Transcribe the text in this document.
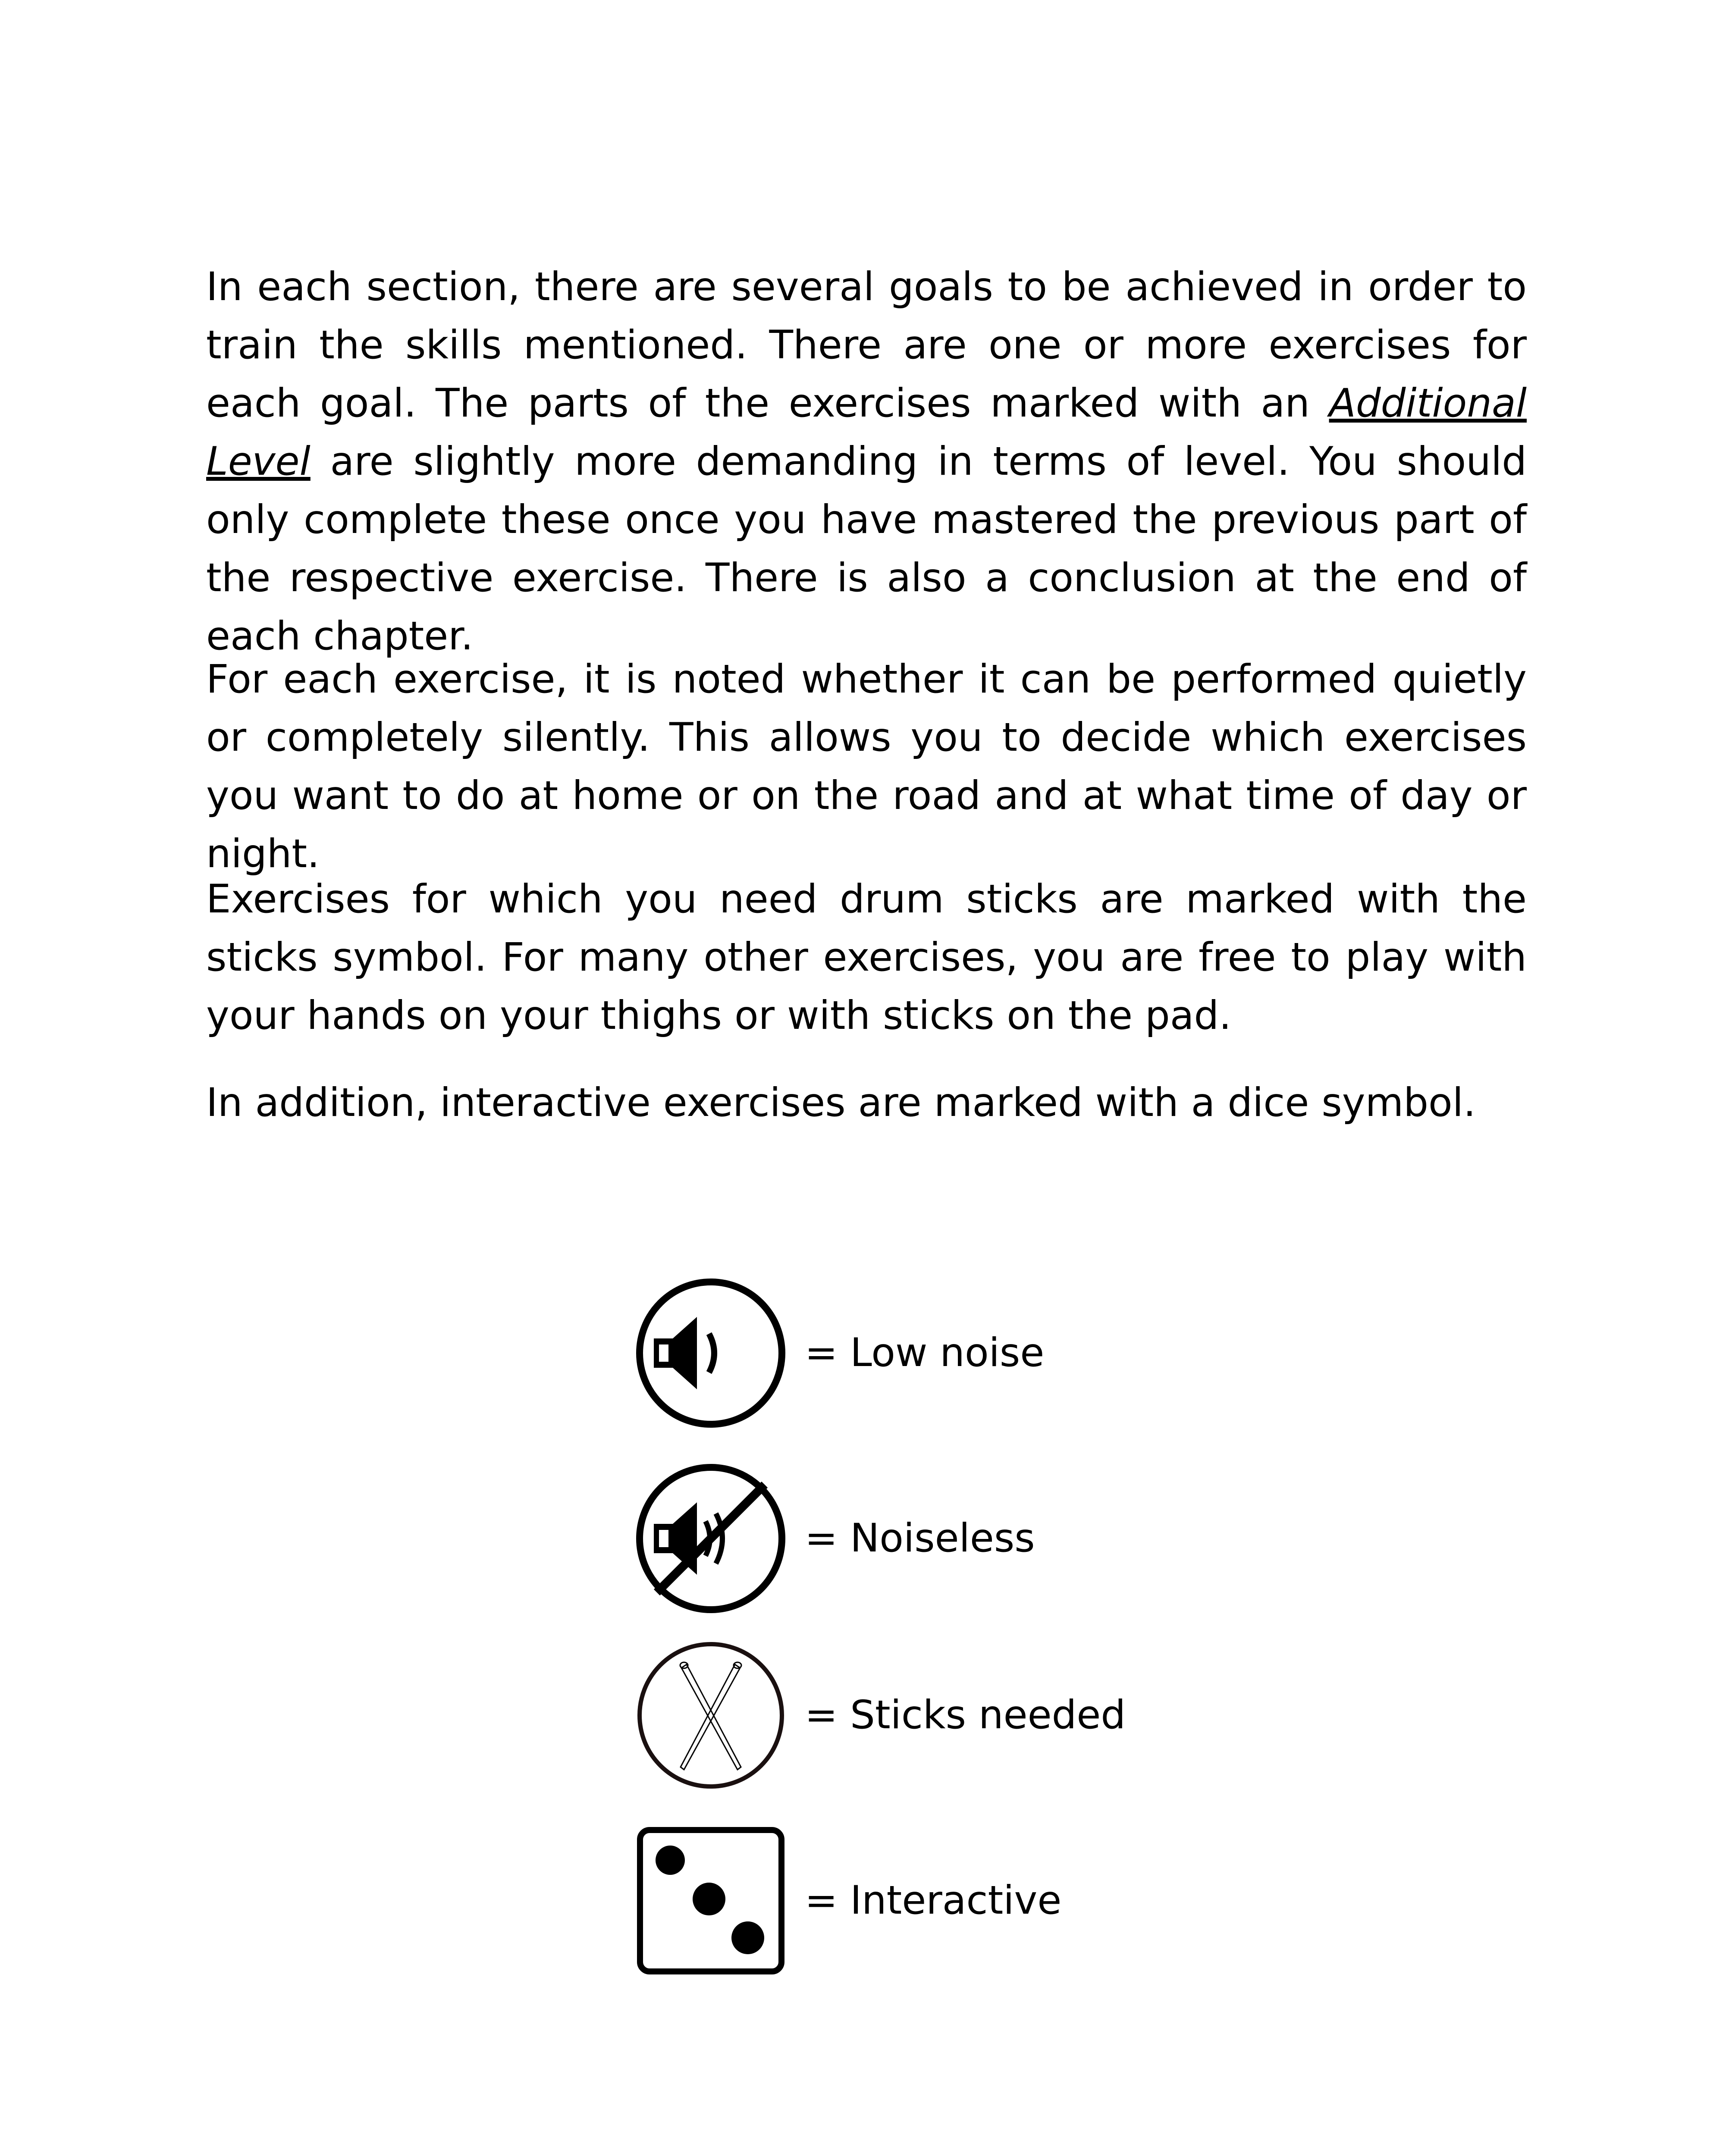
In each section, there are several goals to be achieved in order to train the skills mentioned. There are one or more exercises for each goal. The parts of the exercises marked with an Additional Level are slightly more demanding in terms of level. You should only complete these once you have mastered the previous part of the respective exercise. There is also a conclusion at the end of each chapter.

For each exercise, it is noted whether it can be performed quietly or completely silently. This allows you to decide which exercises you want to do at home or on the road and at what time of day or night.

Exercises for which you need drum sticks are marked with the sticks symbol. For many other exercises, you are free to play with your hands on your thighs or with sticks on the pad.

In addition, interactive exercises are marked with a dice symbol.

= Low noise
= Noiseless
= Sticks needed
= Interactive
